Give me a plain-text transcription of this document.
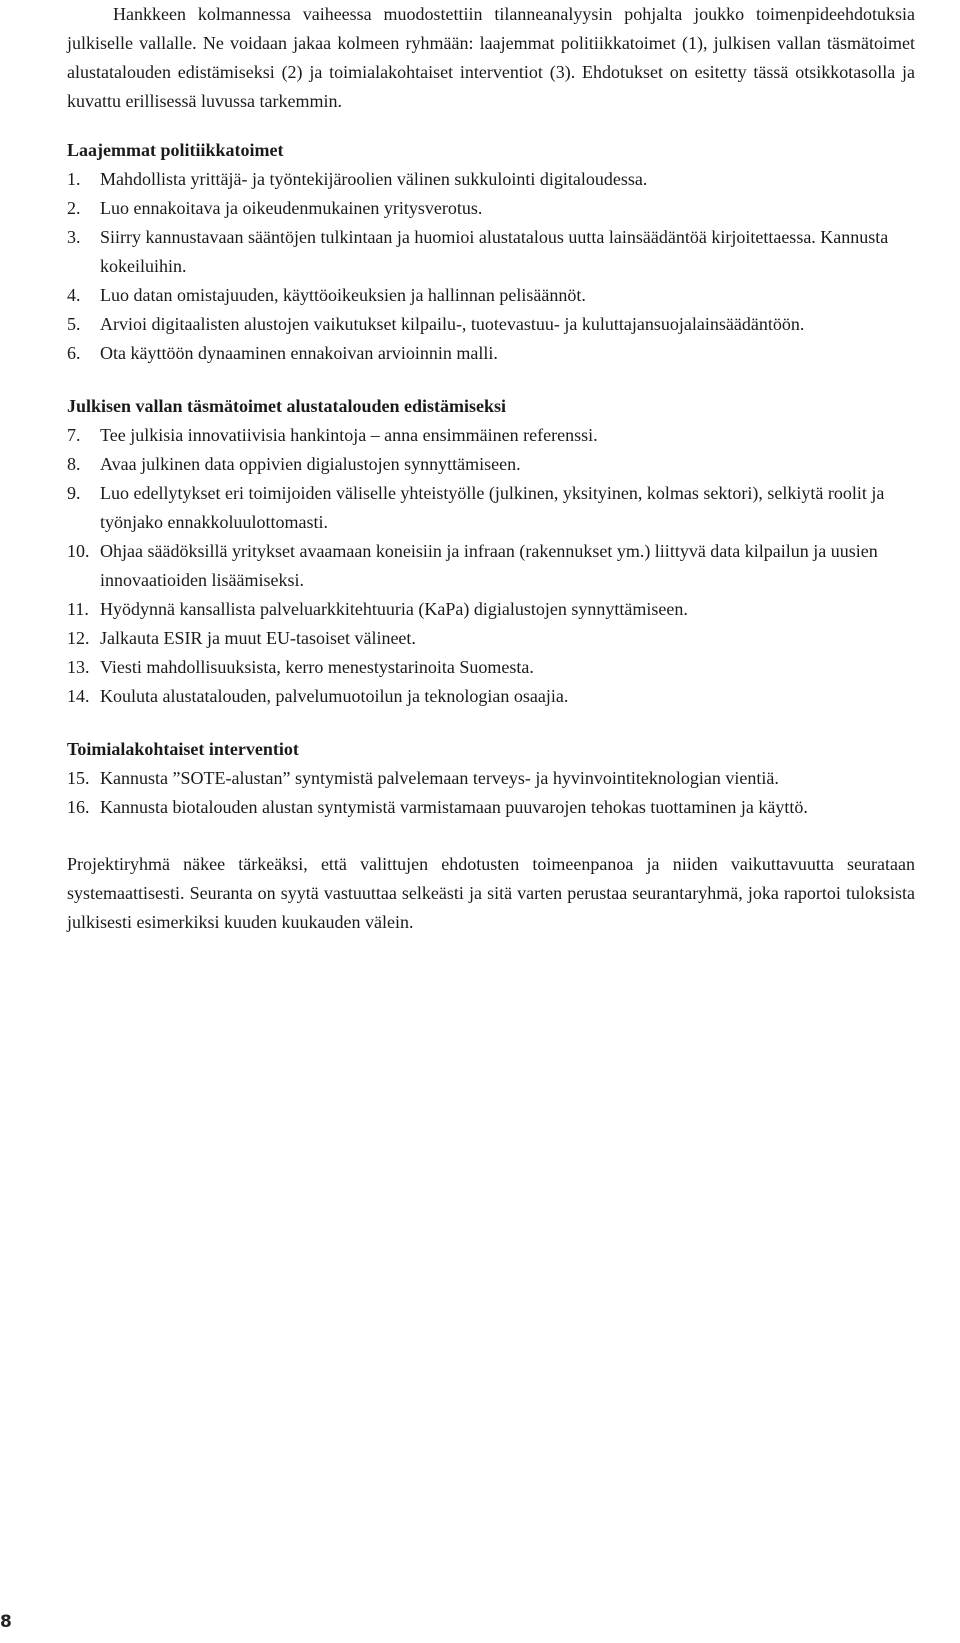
Hankkeen kolmannessa vaiheessa muodostettiin tilanneanalyysin pohjalta joukko toimenpideehdotuksia julkiselle vallalle. Ne voidaan jakaa kolmeen ryhmään: laajemmat politiikkatoimet (1), julkisen vallan täsmätoimet alustatalouden edistämiseksi (2) ja toimialakohtaiset interventiot (3). Ehdotukset on esitetty tässä otsikkotasolla ja kuvattu erillisessä luvussa tarkemmin.

Laajemmat politiikkatoimet
1. Mahdollista yrittäjä- ja työntekijäroolien välinen sukkulointi digitaloudessa.
2. Luo ennakoitava ja oikeudenmukainen yritysverotus.
3. Siirry kannustavaan sääntöjen tulkintaan ja huomioi alustatalous uutta lainsäädäntöä kirjoitettaessa. Kannusta kokeiluihin.
4. Luo datan omistajuuden, käyttöoikeuksien ja hallinnan pelisäännöt.
5. Arvioi digitaalisten alustojen vaikutukset kilpailu-, tuotevastuu- ja kuluttajansuojalainsäädäntöön.
6. Ota käyttöön dynaaminen ennakoivan arvioinnin malli.
Julkisen vallan täsmätoimet alustatalouden edistämiseksi
7. Tee julkisia innovatiivisia hankintoja – anna ensimmäinen referenssi.
8. Avaa julkinen data oppivien digialustojen synnyttämiseen.
9. Luo edellytykset eri toimijoiden väliselle yhteistyölle (julkinen, yksityinen, kolmas sektori), selkiytä roolit ja työnjako ennakkoluulottomasti.
10. Ohjaa säädöksillä yritykset avaamaan koneisiin ja infraan (rakennukset ym.) liittyvä data kilpailun ja uusien innovaatioiden lisäämiseksi.
11. Hyödynnä kansallista palveluarkkitehtuuria (KaPa) digialustojen synnyttämiseen.
12. Jalkauta ESIR ja muut EU-tasoiset välineet.
13. Viesti mahdollisuuksista, kerro menestystarinoita Suomesta.
14. Kouluta alustatalouden, palvelumuotoilun ja teknologian osaajia.
Toimialakohtaiset interventiot
15. Kannusta ”SOTE-alustan” syntymistä palvelemaan terveys- ja hyvinvointiteknologian vientiä.
16. Kannusta biotalouden alustan syntymistä varmistamaan puuvarojen tehokas tuottaminen ja käyttö.

Projektiryhmä näkee tärkeäksi, että valittujen ehdotusten toimeenpanoa ja niiden vaikuttavuutta seurataan systemaattisesti. Seuranta on syytä vastuuttaa selkeästi ja sitä varten perustaa seurantaryhmä, joka raportoi tuloksista julkisesti esimerkiksi kuuden kuukauden välein.

8
